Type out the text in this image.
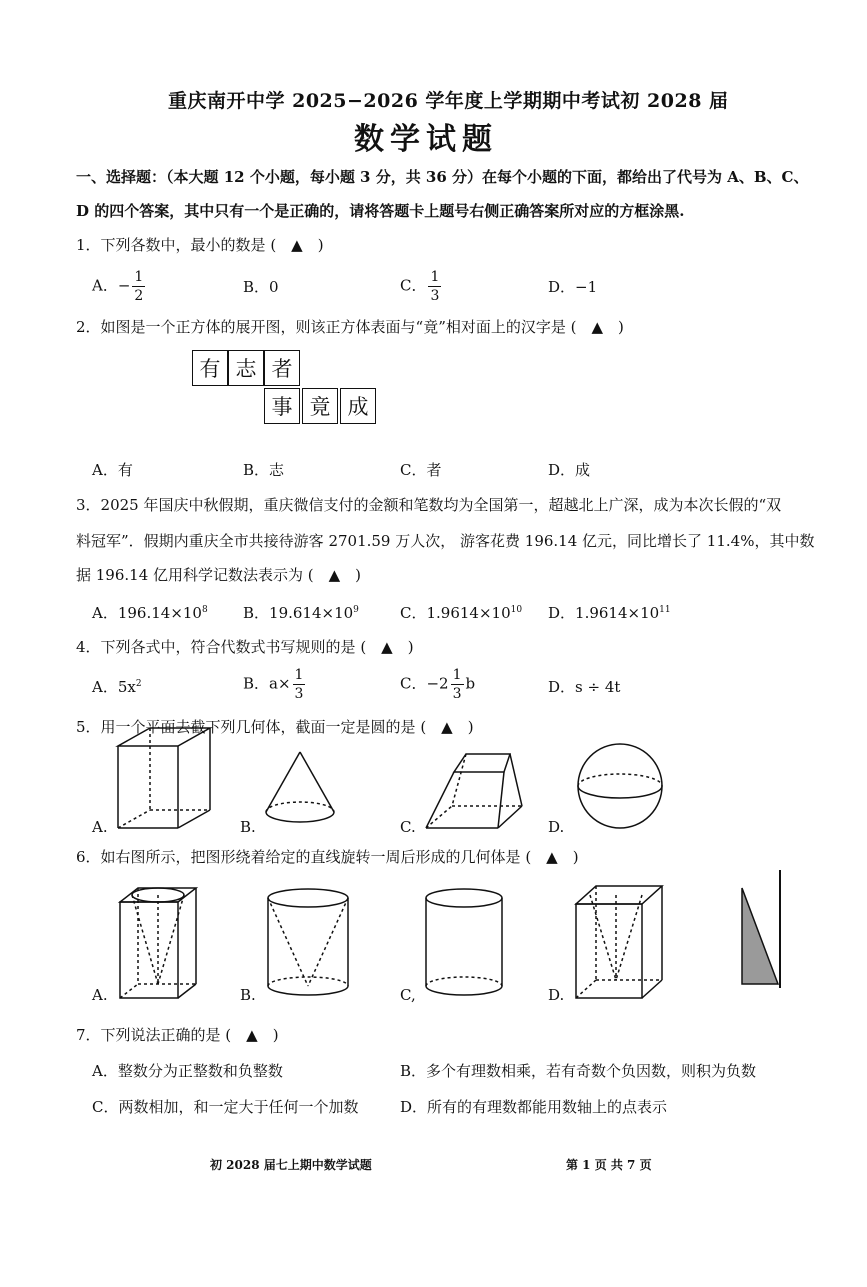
重庆南开中学 2025−2026 学年度上学期期中考试初 2028 届
数学试题
一、选择题：（本大题 12 个小题，每小题 3 分，共 36 分）在每个小题的下面，都给出了代号为 A、B、C、
D 的四个答案，其中只有一个是正确的，请将答题卡上题号右侧正确答案所对应的方框涂黑.
1．下列各数中，最小的数是 (　▲　)
A．− $\frac{1}{2}$	B．0	C． $\frac{1}{3}$	D．−1
2．如图是一个正方体的展开图，则该正方体表面与“竟”相对面上的汉字是 (　▲　)
有 志 者
事 竟 成
A．有	B．志	C．者	D．成
3．2025 年国庆中秋假期，重庆微信支付的金额和笔数均为全国第一，超越北上广深，成为本次长假的“双
料冠军”．假期内重庆全市共接待游客 2701.59 万人次， 游客花费 196.14 亿元，同比增长了 11.4%，其中数
据 196.14 亿用科学记数法表示为 (　▲　)
A．$196.14\times 10^8$ B．$19.614\times 10^9$	C．$1.9614\times 10^{10}$ D．$1.9614\times 10^{11}$
4．下列各式中，符合代数式书写规则的是 (　▲　)
A．$5x^2$	B．$a\times \frac{1}{3}$	C．$-2 \frac{1}{3}$ b	D．s ÷ 4t
5．用一个平面去截下列几何体，截面一定是圆的是 (　▲　)
A.	B.	C.	D.
6．如右图所示，把图形绕着给定的直线旋转一周后形成的几何体是 (　▲　)
A.	B.	C,	D.
7．下列说法正确的是 (　▲　)
A．整数分为正整数和负整数	B．多个有理数相乘，若有奇数个负因数，则积为负数
C．两数相加，和一定大于任何一个加数	D．所有的有理数都能用数轴上的点表示
初 2028 届七上期中数学试题	第 1 页 共 7 页
